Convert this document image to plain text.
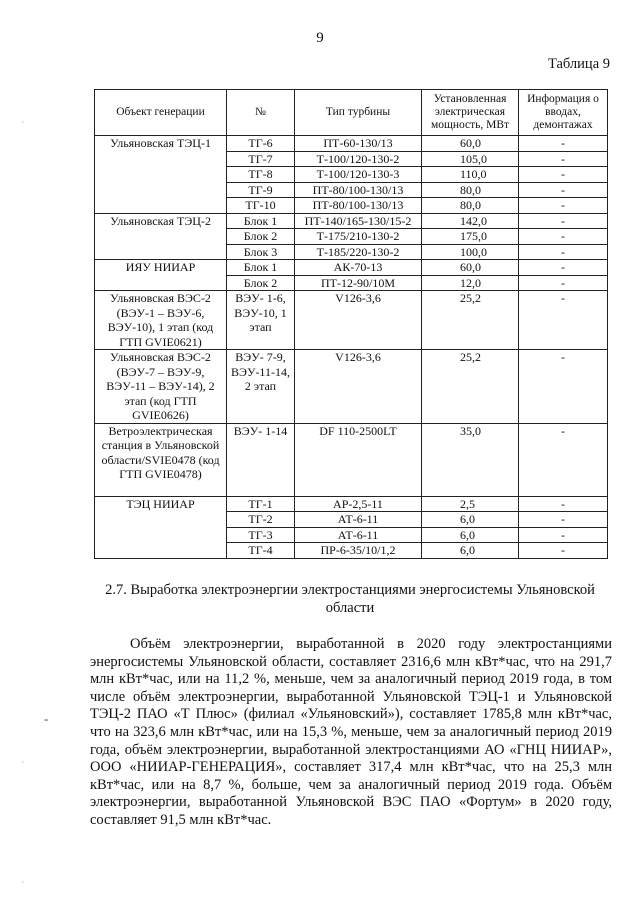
9
Таблица 9
Объект генерации	№	Тип турбины	Установленная электрическая мощность, МВт	Информация о вводах, демонтажах
Ульяновская ТЭЦ-1	ТГ-6	ПТ-60-130/13	60,0	-
	ТГ-7	Т-100/120-130-2	105,0	-
	ТГ-8	Т-100/120-130-3	110,0	-
	ТГ-9	ПТ-80/100-130/13	80,0	-
	ТГ-10	ПТ-80/100-130/13	80,0	-
Ульяновская ТЭЦ-2	Блок 1	ПТ-140/165-130/15-2	142,0	-
	Блок 2	Т-175/210-130-2	175,0	-
	Блок 3	Т-185/220-130-2	100,0	-
ИЯУ НИИАР	Блок 1	АК-70-13	60,0	-
	Блок 2	ПТ-12-90/10М	12,0	-
Ульяновская ВЭС-2 (ВЭУ-1 – ВЭУ-6, ВЭУ-10), 1 этап (код ГТП GVIE0621)	ВЭУ- 1-6, ВЭУ-10, 1 этап	V126-3,6	25,2	-
Ульяновская ВЭС-2 (ВЭУ-7 – ВЭУ-9, ВЭУ-11 – ВЭУ-14), 2 этап (код ГТП GVIE0626)	ВЭУ- 7-9, ВЭУ-11-14, 2 этап	V126-3,6	25,2	-
Ветроэлектрическая станция в Ульяновской области/SVIE0478 (код ГТП GVIE0478)	ВЭУ- 1-14	DF 110-2500LT	35,0	-
ТЭЦ НИИАР	ТГ-1	АР-2,5-11	2,5	-
	ТГ-2	АТ-6-11	6,0	-
	ТГ-3	АТ-6-11	6,0	-
	ТГ-4	ПР-6-35/10/1,2	6,0	-
2.7. Выработка электроэнергии электростанциями энергосистемы Ульяновской области

Объём электроэнергии, выработанной в 2020 году электростанциями энергосистемы Ульяновской области, составляет 2316,6 млн кВт*час, что на 291,7 млн кВт*час, или на 11,2 %, меньше, чем за аналогичный период 2019 года, в том числе объём электроэнергии, выработанной Ульяновской ТЭЦ-1 и Ульяновской ТЭЦ-2 ПАО «Т Плюс» (филиал «Ульяновский»), составляет 1785,8 млн кВт*час, что на 323,6 млн кВт*час, или на 15,3 %, меньше, чем за аналогичный период 2019 года, объём электроэнергии, выработанной электростанциями АО «ГНЦ НИИАР», ООО «НИИАР-ГЕНЕРАЦИЯ», составляет 317,4 млн кВт*час, что на 25,3 млн кВт*час, или на 8,7 %, больше, чем за аналогичный период 2019 года. Объём электроэнергии, выработанной Ульяновской ВЭС ПАО «Фортум» в 2020 году, составляет 91,5 млн кВт*час.

'
'
'
-
